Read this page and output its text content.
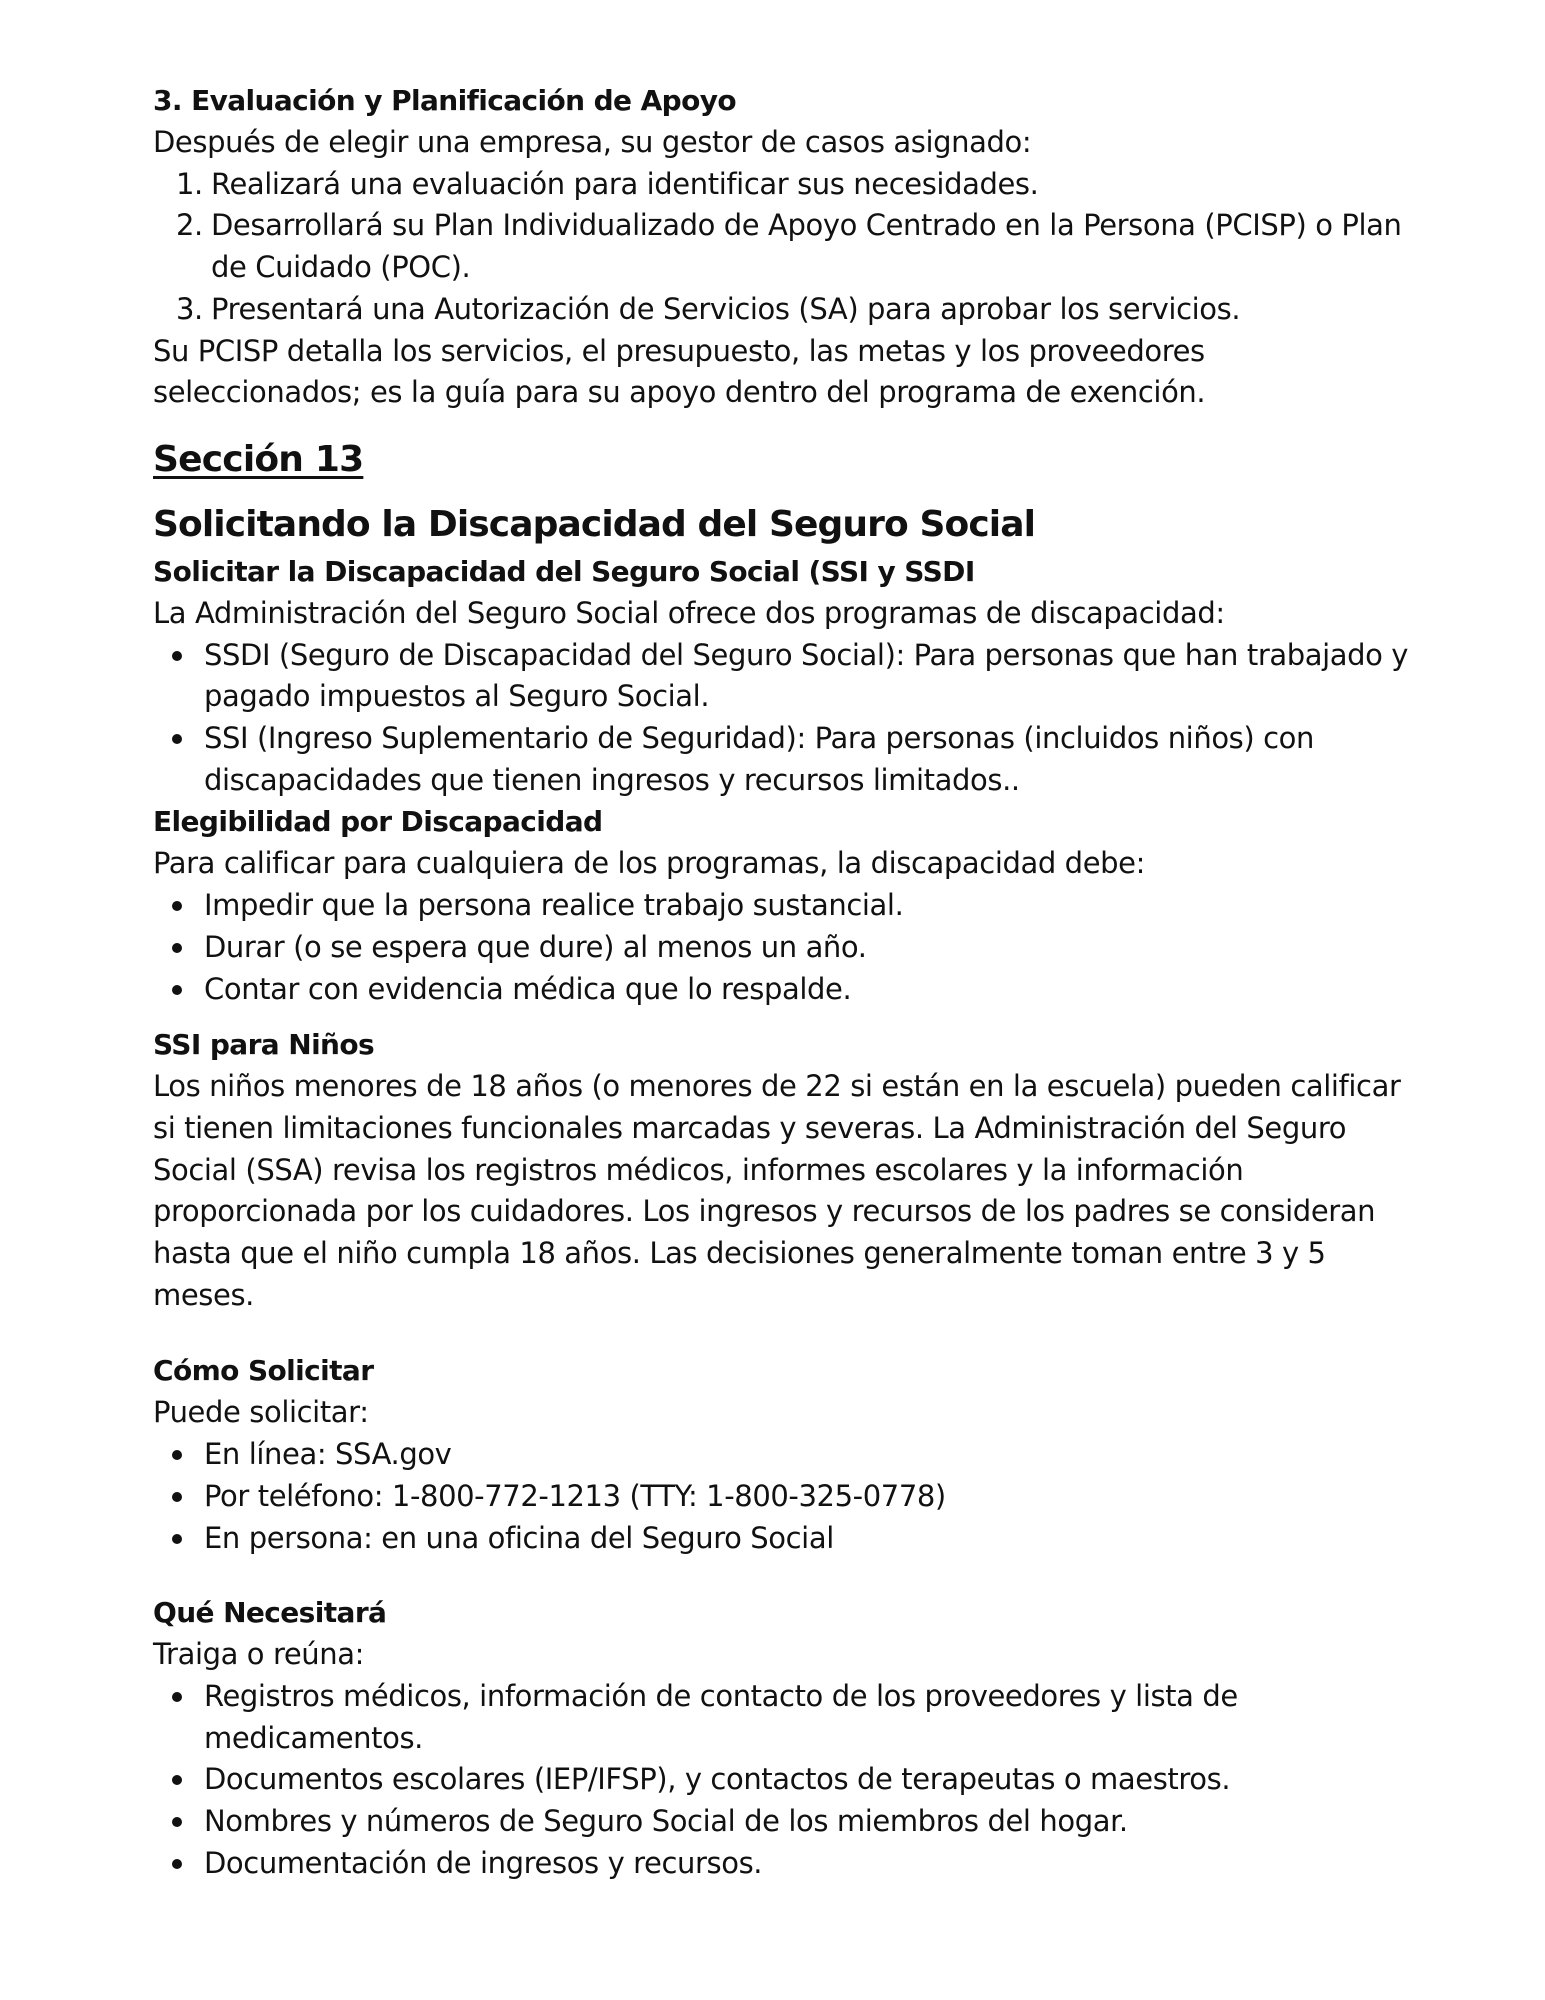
3. Evaluación y Planificación de Apoyo

Después de elegir una empresa, su gestor de casos asignado:

1. Realizará una evaluación para identificar sus necesidades.
2. Desarrollará su Plan Individualizado de Apoyo Centrado en la Persona (PCISP) o Plan de Cuidado (POC).
3. Presentará una Autorización de Servicios (SA) para aprobar los servicios.

Su PCISP detalla los servicios, el presupuesto, las metas y los proveedores seleccionados; es la guía para su apoyo dentro del programa de exención.

Sección 13
Solicitando la Discapacidad del Seguro Social
Solicitar la Discapacidad del Seguro Social (SSI y SSDI

La Administración del Seguro Social ofrece dos programas de discapacidad:

SSDI (Seguro de Discapacidad del Seguro Social): Para personas que han trabajado y pagado impuestos al Seguro Social.
SSI (Ingreso Suplementario de Seguridad): Para personas (incluidos niños) con discapacidades que tienen ingresos y recursos limitados..
Elegibilidad por Discapacidad

Para calificar para cualquiera de los programas, la discapacidad debe:

Impedir que la persona realice trabajo sustancial.
Durar (o se espera que dure) al menos un año.
Contar con evidencia médica que lo respalde.
SSI para Niños

Los niños menores de 18 años (o menores de 22 si están en la escuela) pueden calificar si tienen limitaciones funcionales marcadas y severas. La Administración del Seguro Social (SSA) revisa los registros médicos, informes escolares y la información proporcionada por los cuidadores. Los ingresos y recursos de los padres se consideran hasta que el niño cumpla 18 años. Las decisiones generalmente toman entre 3 y 5 meses.

Cómo Solicitar

Puede solicitar:

En línea: SSA.gov
Por teléfono: 1-800-772-1213 (TTY: 1-800-325-0778)
En persona: en una oficina del Seguro Social
Qué Necesitará

Traiga o reúna:

Registros médicos, información de contacto de los proveedores y lista de medicamentos.
Documentos escolares (IEP/IFSP), y contactos de terapeutas o maestros.
Nombres y números de Seguro Social de los miembros del hogar.
Documentación de ingresos y recursos.
